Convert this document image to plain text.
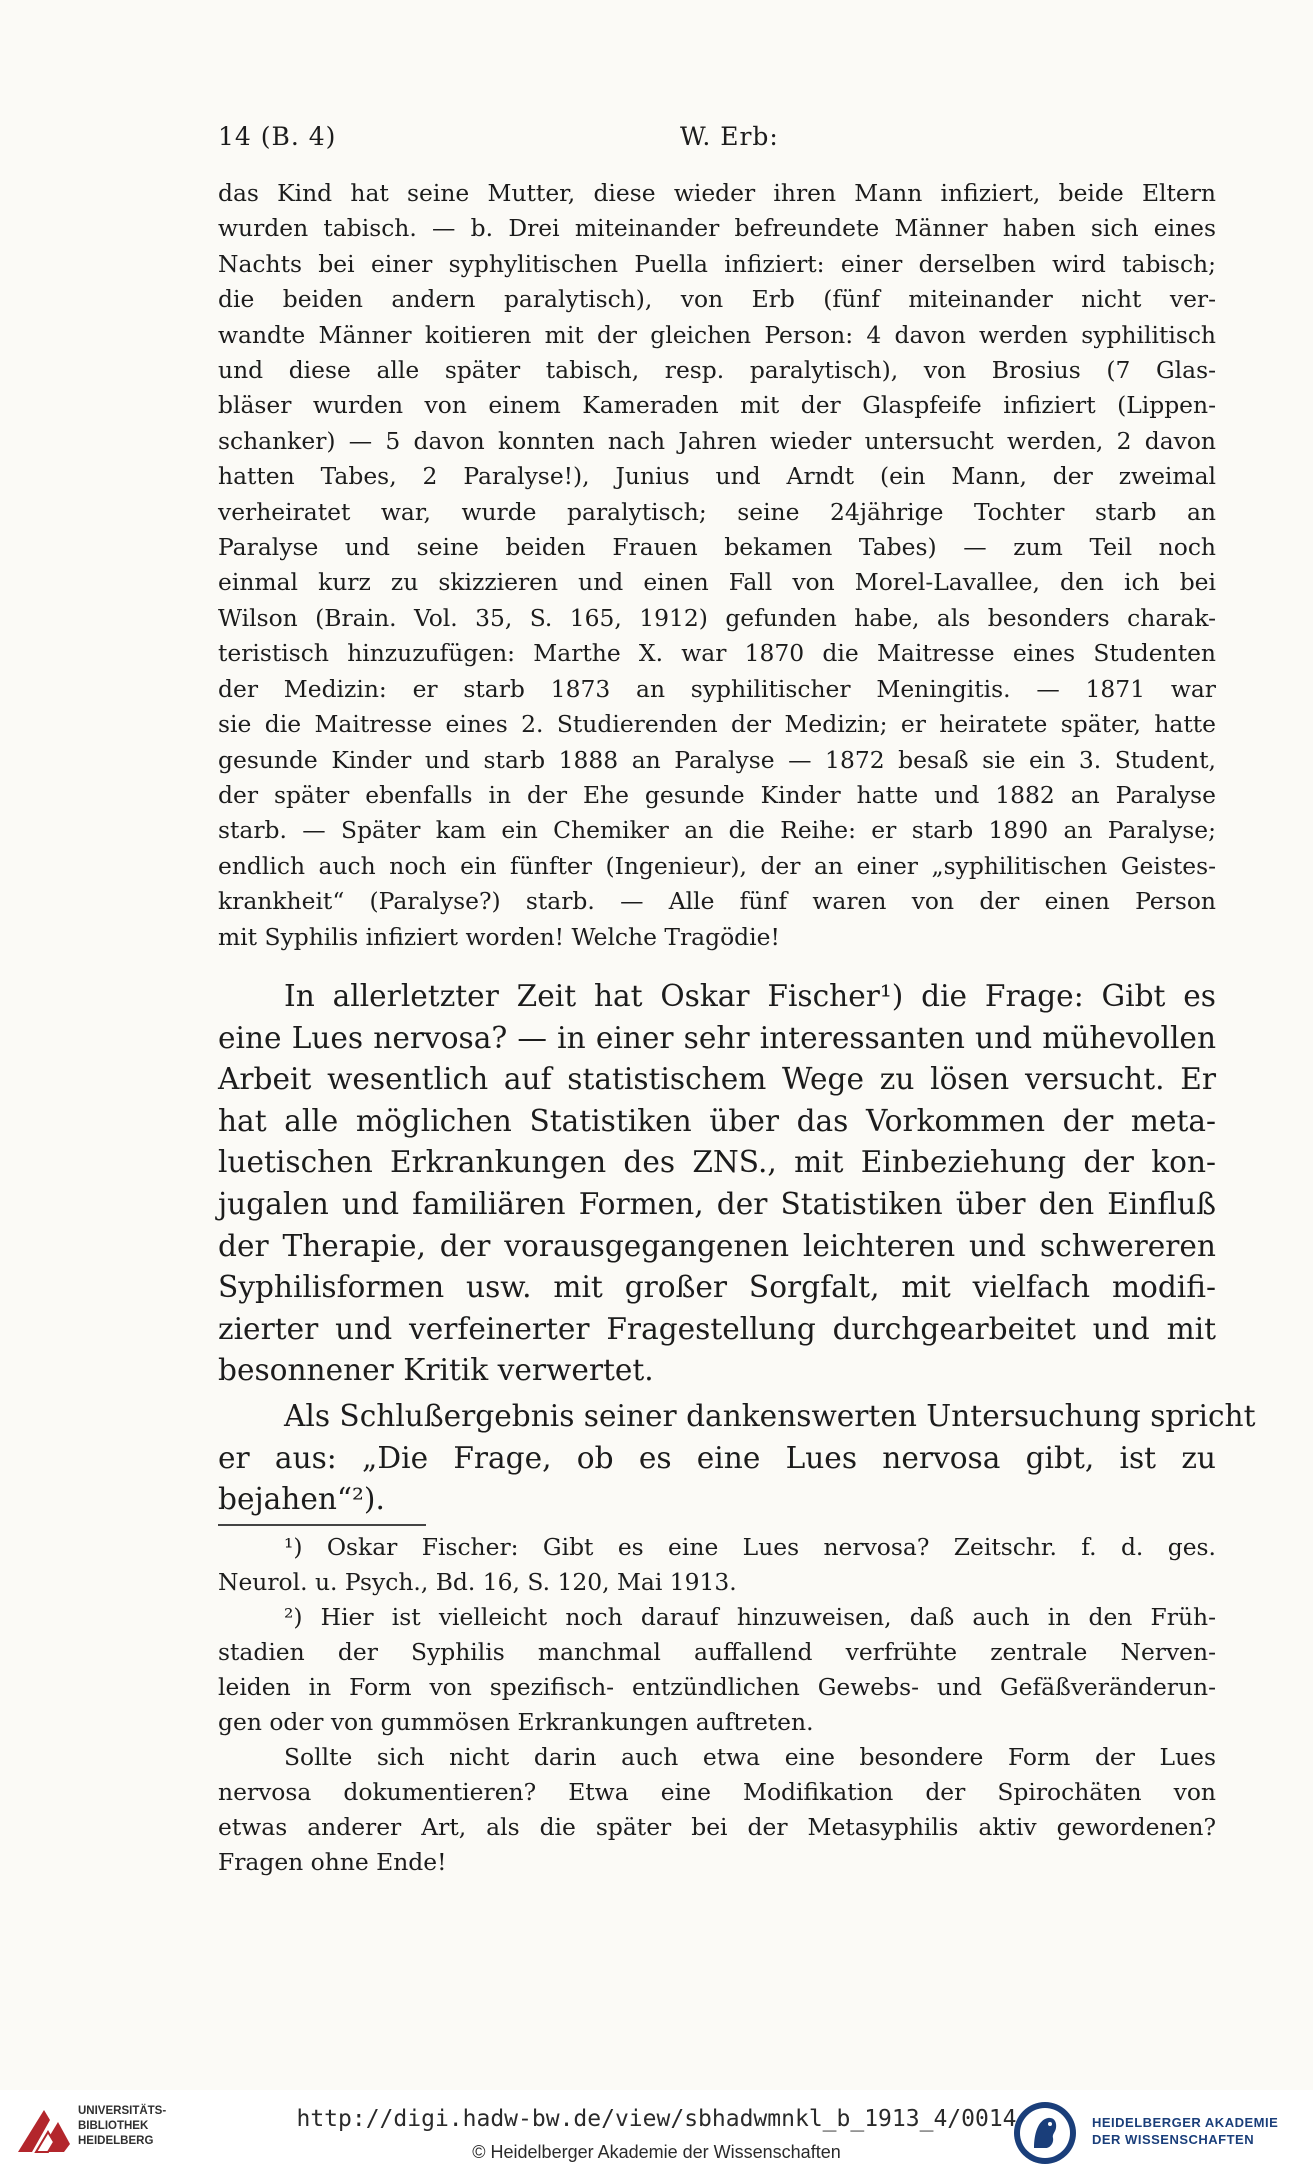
14 (B. 4)	W. Erb:
das Kind hat seine Mutter, diese wieder ihren Mann infiziert, beide Eltern
wurden tabisch. — b. Drei miteinander befreundete Männer haben sich eines
Nachts bei einer syphylitischen Puella infiziert: einer derselben wird tabisch;
die beiden andern paralytisch), von Erb (fünf miteinander nicht ver-
wandte Männer koitieren mit der gleichen Person: 4 davon werden syphilitisch
und diese alle später tabisch, resp. paralytisch), von Brosius (7 Glas-
bläser wurden von einem Kameraden mit der Glaspfeife infiziert (Lippen-
schanker) — 5 davon konnten nach Jahren wieder untersucht werden, 2 davon
hatten Tabes, 2 Paralyse!), Junius und Arndt (ein Mann, der zweimal
verheiratet war, wurde paralytisch; seine 24jährige Tochter starb an
Paralyse und seine beiden Frauen bekamen Tabes) — zum Teil noch
einmal kurz zu skizzieren und einen Fall von Morel-Lavallee, den ich bei
Wilson (Brain. Vol. 35, S. 165, 1912) gefunden habe, als besonders charak-
teristisch hinzuzufügen: Marthe X. war 1870 die Maitresse eines Studenten
der Medizin: er starb 1873 an syphilitischer Meningitis. — 1871 war
sie die Maitresse eines 2. Studierenden der Medizin; er heiratete später, hatte
gesunde Kinder und starb 1888 an Paralyse — 1872 besaß sie ein 3. Student,
der später ebenfalls in der Ehe gesunde Kinder hatte und 1882 an Paralyse
starb. — Später kam ein Chemiker an die Reihe: er starb 1890 an Paralyse;
endlich auch noch ein fünfter (Ingenieur), der an einer „syphilitischen Geistes-
krankheit“ (Paralyse?) starb. — Alle fünf waren von der einen Person
mit Syphilis infiziert worden! Welche Tragödie!
In allerletzter Zeit hat Oskar Fischer¹) die Frage: Gibt es
eine Lues nervosa? — in einer sehr interessanten und mühevollen
Arbeit wesentlich auf statistischem Wege zu lösen versucht. Er
hat alle möglichen Statistiken über das Vorkommen der meta-
luetischen Erkrankungen des ZNS., mit Einbeziehung der kon-
jugalen und familiären Formen, der Statistiken über den Einfluß
der Therapie, der vorausgegangenen leichteren und schwereren
Syphilisformen usw. mit großer Sorgfalt, mit vielfach modifi-
zierter und verfeinerter Fragestellung durchgearbeitet und mit
besonnener Kritik verwertet.
Als Schlußergebnis seiner dankenswerten Untersuchung spricht
er aus: „Die Frage, ob es eine Lues nervosa gibt, ist zu
bejahen“²).
¹) Oskar Fischer: Gibt es eine Lues nervosa? Zeitschr. f. d. ges.
Neurol. u. Psych., Bd. 16, S. 120, Mai 1913.
²) Hier ist vielleicht noch darauf hinzuweisen, daß auch in den Früh-
stadien der Syphilis manchmal auffallend verfrühte zentrale Nerven-
leiden in Form von spezifisch- entzündlichen Gewebs- und Gefäßveränderun-
gen oder von gummösen Erkrankungen auftreten.
Sollte sich nicht darin auch etwa eine besondere Form der Lues
nervosa dokumentieren? Etwa eine Modifikation der Spirochäten von
etwas anderer Art, als die später bei der Metasyphilis aktiv gewordenen?
Fragen ohne Ende!
UNIVERSITÄTS-
BIBLIOTHEK
HEIDELBERG
http://digi.hadw-bw.de/view/sbhadwmnkl_b_1913_4/0014
© Heidelberger Akademie der Wissenschaften
HEIDELBERGER AKADEMIE
DER WISSENSCHAFTEN
